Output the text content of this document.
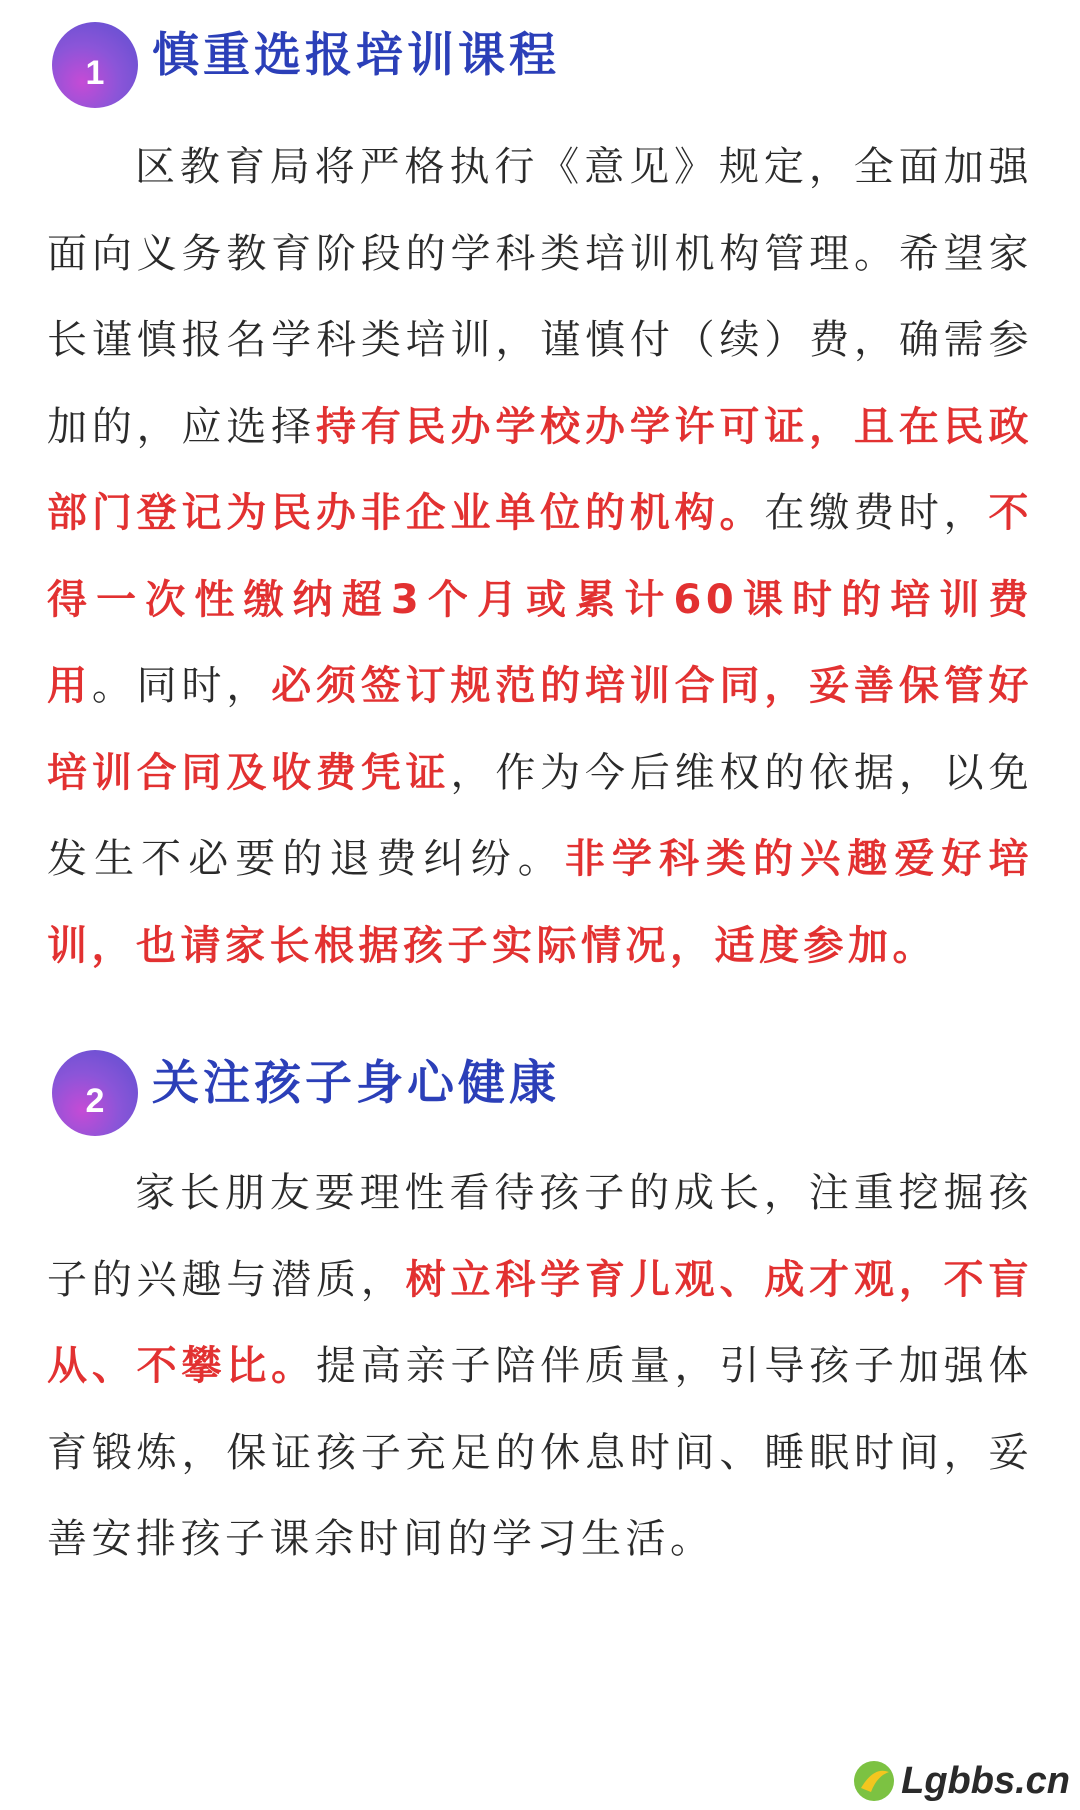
1 慎重选报培训课程
区教育局将严格执行《意见》规定，全面加强面向义务教育阶段的学科类培训机构管理。希望家长谨慎报名学科类培训，谨慎付（续）费，确需参加的，应选择持有民办学校办学许可证，且在民政部门登记为民办非企业单位的机构。在缴费时，不得一次性缴纳超3个月或累计60课时的培训费用。同时，必须签订规范的培训合同，妥善保管好培训合同及收费凭证，作为今后维权的依据，以免发生不必要的退费纠纷。非学科类的兴趣爱好培训，也请家长根据孩子实际情况，适度参加。
2 关注孩子身心健康
家长朋友要理性看待孩子的成长，注重挖掘孩子的兴趣与潜质，树立科学育儿观、成才观，不盲从、不攀比。提高亲子陪伴质量，引导孩子加强体育锻炼，保证孩子充足的休息时间、睡眠时间，妥善安排孩子课余时间的学习生活。
Lgbbs.cn
